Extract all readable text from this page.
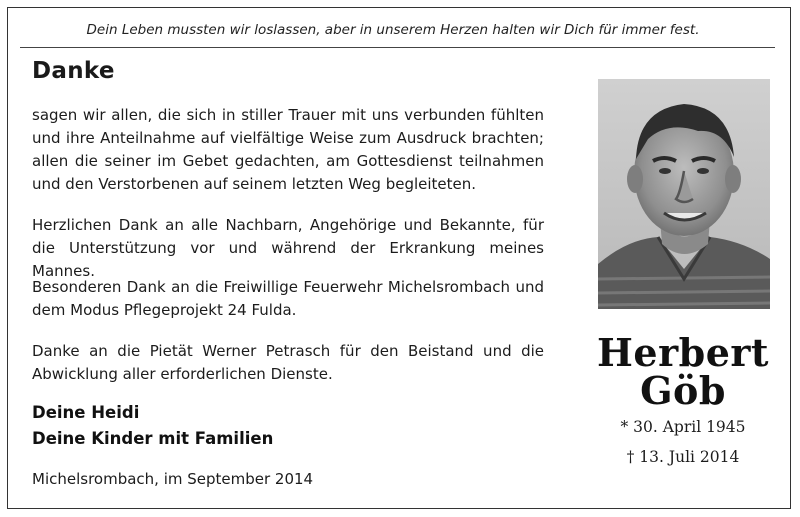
Dein Leben mussten wir loslassen, aber in unserem Herzen halten wir Dich für immer fest.
Danke
sagen wir allen, die sich in stiller Trauer mit uns verbunden fühlten und ihre Anteilnahme auf vielfältige Weise zum Ausdruck brachten; allen die seiner im Gebet gedachten, am Gottesdienst teilnahmen und den Verstorbenen auf seinem letzten Weg begleiteten.
Herzlichen Dank an alle Nachbarn, Angehörige und Bekannte, für die Unterstützung vor und während der Erkrankung meines Mannes.
Besonderen Dank an die Freiwillige Feuerwehr Michelsrombach und dem Modus Pflegeprojekt 24 Fulda.
Danke an die Pietät Werner Petrasch für den Beistand und die Abwicklung aller erforderlichen Dienste.
Deine Heidi
Deine Kinder mit Familien
Michelsrombach, im September 2014
Herbert
Göb
* 30. April 1945
† 13. Juli 2014
